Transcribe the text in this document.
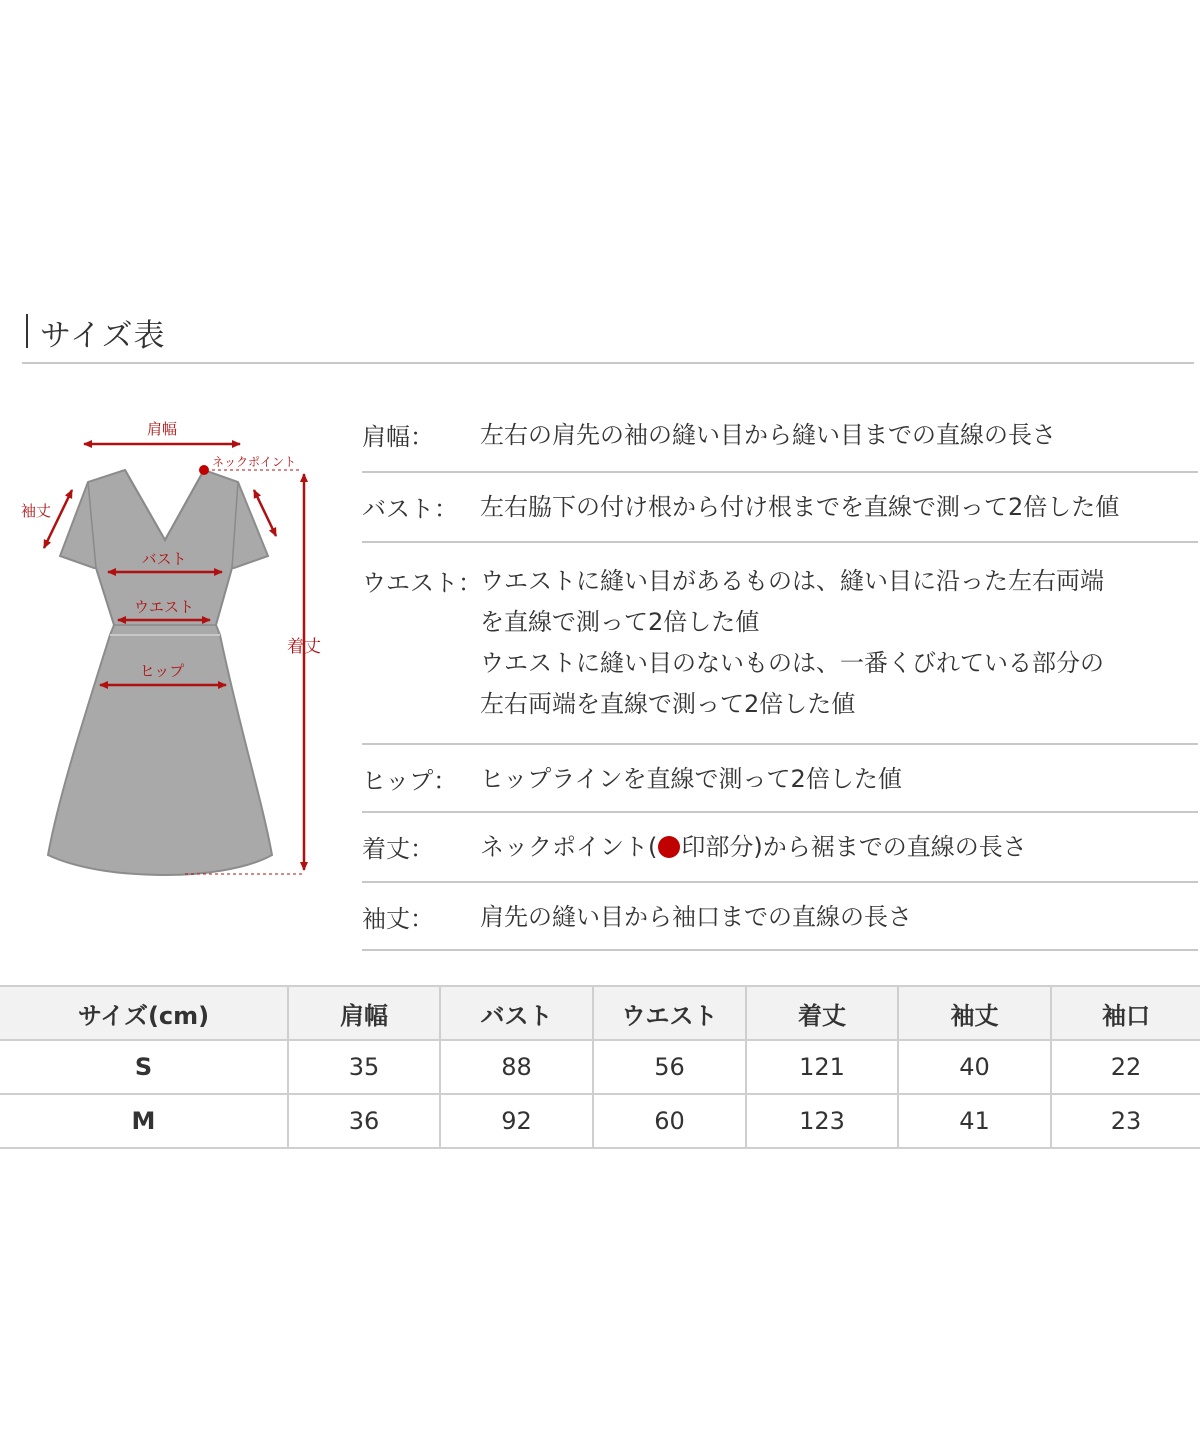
サイズ表
肩幅
ネックポイント
着丈
袖丈
バスト
ウエスト
ヒップ
肩幅：	左右の肩先の袖の縫い目から縫い目までの直線の長さ
バスト： 左右脇下の付け根から付け根までを直線で測って2倍した値
ウエスト：
ウエストに縫い目があるものは、縫い目に沿った左右両端
を直線で測って2倍した値
ウエストに縫い目のないものは、一番くびれている部分の
左右両端を直線で測って2倍した値
ヒップ： ヒップラインを直線で測って2倍した値
着丈：	ネックポイント( 印部分)から裾までの直線の長さ
袖丈：	肩先の縫い目から袖口までの直線の長さ
サイズ(cm)	肩幅	バスト	ウエスト	着丈	袖丈	袖口
S	35	88	56	121	40	22
M	36	92	60	123	41	23
